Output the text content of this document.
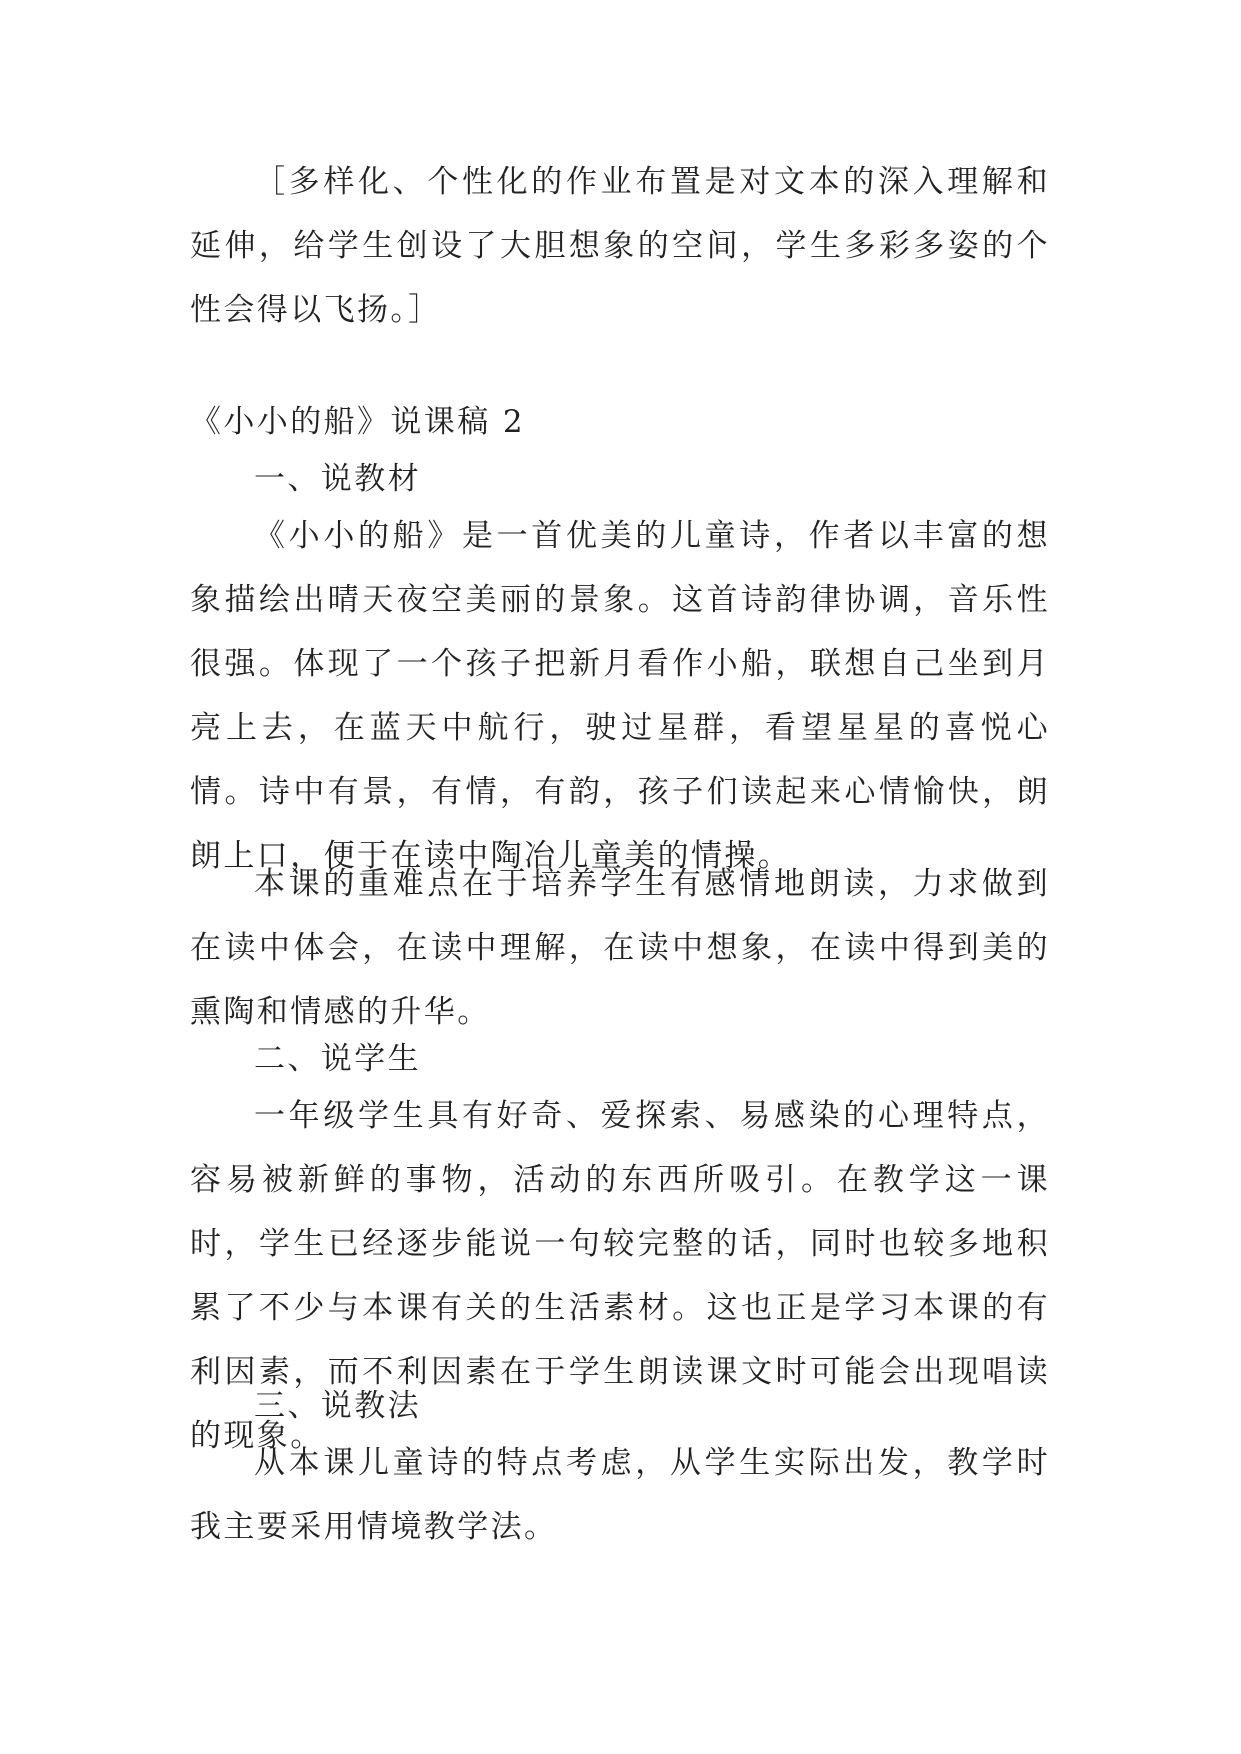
［多样化、个性化的作业布置是对文本的深入理解和延伸，给学生创设了大胆想象的空间，学生多彩多姿的个性会得以飞扬。］

《小小的船》说课稿 2

一、说教材

《小小的船》是一首优美的儿童诗，作者以丰富的想象描绘出晴天夜空美丽的景象。这首诗韵律协调，音乐性很强。体现了一个孩子把新月看作小船，联想自己坐到月亮上去，在蓝天中航行，驶过星群，看望星星的喜悦心情。诗中有景，有情，有韵，孩子们读起来心情愉快，朗朗上口，便于在读中陶冶儿童美的情操。

本课的重难点在于培养学生有感情地朗读，力求做到在读中体会，在读中理解，在读中想象，在读中得到美的熏陶和情感的升华。

二、说学生

一年级学生具有好奇、爱探索、易感染的心理特点，容易被新鲜的事物，活动的东西所吸引。在教学这一课时，学生已经逐步能说一句较完整的话，同时也较多地积累了不少与本课有关的生活素材。这也正是学习本课的有利因素，而不利因素在于学生朗读课文时可能会出现唱读的现象。

三、说教法

从本课儿童诗的特点考虑，从学生实际出发，教学时我主要采用情境教学法。
